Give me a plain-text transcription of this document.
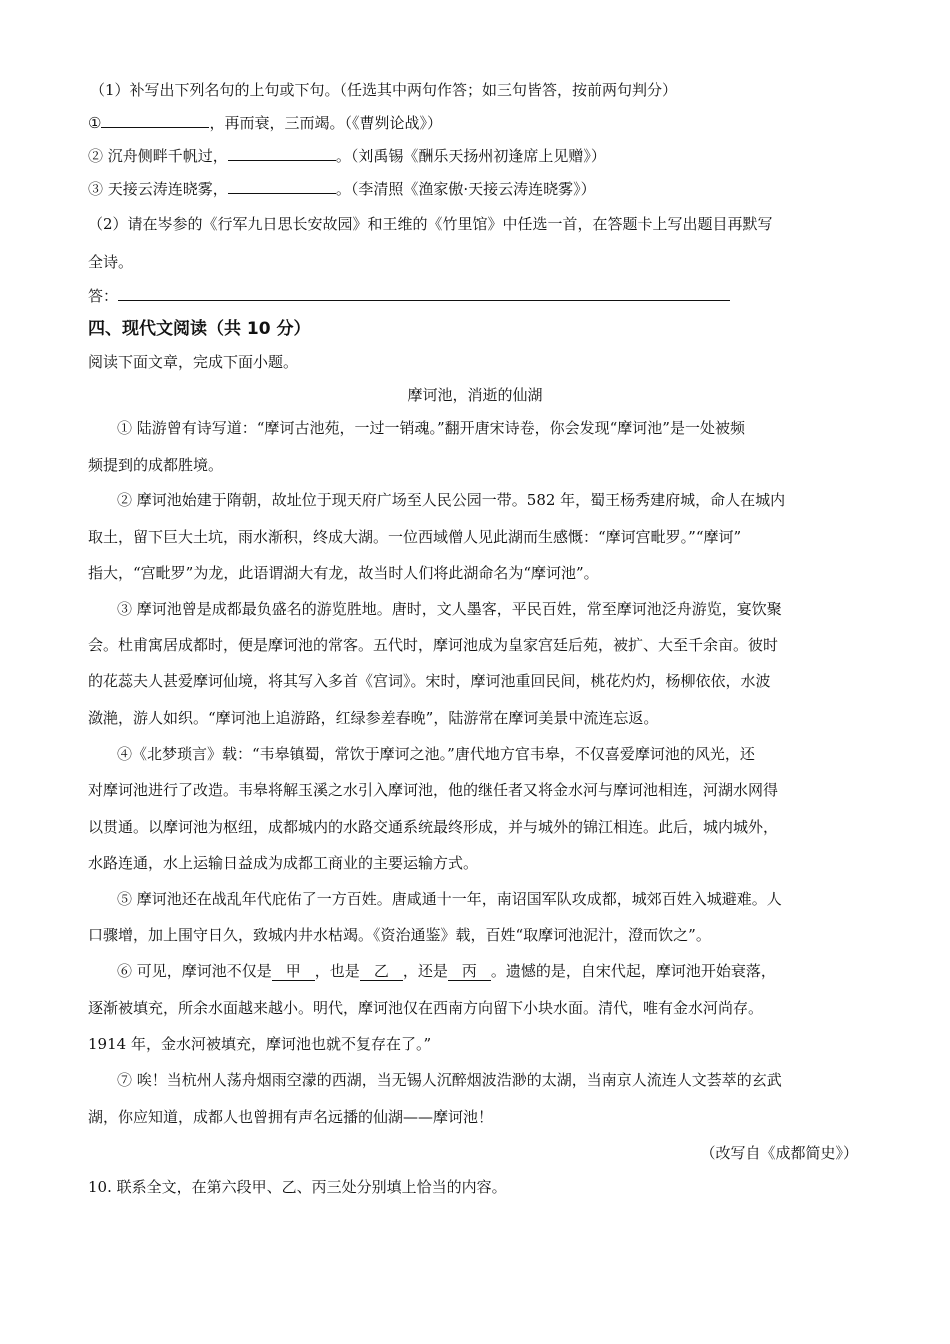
（1）补写出下列名句的上句或下句。（任选其中两句作答；如三句皆答，按前两句判分）
①	，再而衰，三而竭。（《曹刿论战》）
② 沉舟侧畔千帆过，	。（刘禹锡《酬乐天扬州初逢席上见赠》）
③ 天接云涛连晓雾，	。（李清照《渔家傲·天接云涛连晓雾》）
（2）请在岑参的《行军九日思长安故园》和王维的《竹里馆》中任选一首，在答题卡上写出题目再默写
全诗。
答：
四、现代文阅读（共 10 分）
阅读下面文章，完成下面小题。
摩诃池，消逝的仙湖
① 陆游曾有诗写道：“摩诃古池苑，一过一销魂。”翻开唐宋诗卷，你会发现“摩诃池”是一处被频
频提到的成都胜境。
② 摩诃池始建于隋朝，故址位于现天府广场至人民公园一带。582 年，蜀王杨秀建府城，命人在城内
取土，留下巨大土坑，雨水渐积，终成大湖。一位西域僧人见此湖而生感慨：“摩诃宫毗罗。”“摩诃”
指大，“宫毗罗”为龙，此语谓湖大有龙，故当时人们将此湖命名为“摩诃池”。
③ 摩诃池曾是成都最负盛名的游览胜地。唐时，文人墨客，平民百姓，常至摩诃池泛舟游览，宴饮聚
会。杜甫寓居成都时，便是摩诃池的常客。五代时，摩诃池成为皇家宫廷后苑，被扩、大至千余亩。彼时
的花蕊夫人甚爱摩诃仙境，将其写入多首《宫词》。宋时，摩诃池重回民间，桃花灼灼，杨柳依依，水波
潋滟，游人如织。“摩诃池上追游路，红绿参差春晚”，陆游常在摩诃美景中流连忘返。
④《北梦琐言》载：“韦皋镇蜀，常饮于摩诃之池。”唐代地方官韦皋，不仅喜爱摩诃池的风光，还
对摩诃池进行了改造。韦皋将解玉溪之水引入摩诃池，他的继任者又将金水河与摩诃池相连，河湖水网得
以贯通。以摩诃池为枢纽，成都城内的水路交通系统最终形成，并与城外的锦江相连。此后，城内城外，
水路连通，水上运输日益成为成都工商业的主要运输方式。
⑤ 摩诃池还在战乱年代庇佑了一方百姓。唐咸通十一年，南诏国军队攻成都，城郊百姓入城避难。人
口骤增，加上围守日久，致城内井水枯竭。《资治通鉴》载，百姓“取摩诃池泥汁，澄而饮之”。
⑥ 可见，摩诃池不仅是 甲 ，也是 乙 ，还是 丙 。遗憾的是，自宋代起，摩诃池开始衰落，
逐渐被填充，所余水面越来越小。明代，摩诃池仅在西南方向留下小块水面。清代，唯有金水河尚存。
1914 年，金水河被填充，摩诃池也就不复存在了。”
⑦ 唉！当杭州人荡舟烟雨空濛的西湖，当无锡人沉醉烟波浩渺的太湖，当南京人流连人文荟萃的玄武
湖，你应知道，成都人也曾拥有声名远播的仙湖——摩诃池！
（改写自《成都简史》）
10. 联系全文，在第六段甲、乙、丙三处分别填上恰当的内容。
